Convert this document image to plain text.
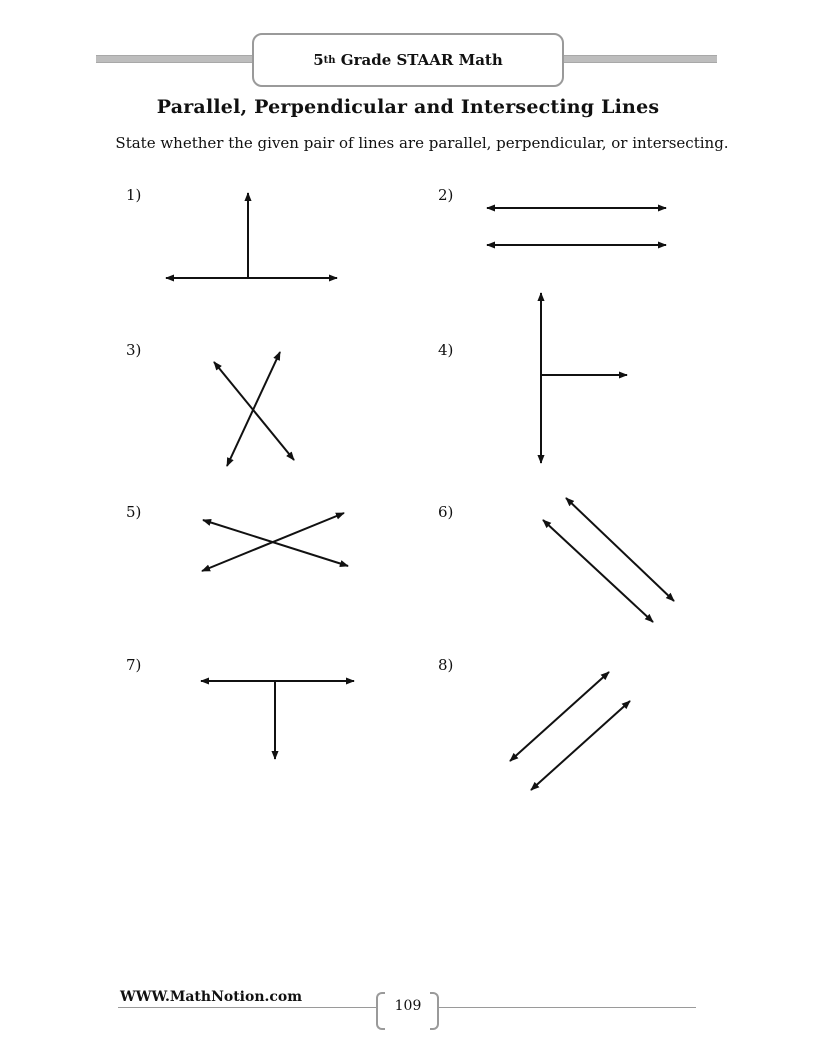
5 th Grade STAAR Math
Parallel, Perpendicular and Intersecting Lines
State whether the given pair of lines are parallel, perpendicular, or intersecting.
1)	2)
3)	4)
5)	6)
7)	8)
WWW.MathNotion.com
109
